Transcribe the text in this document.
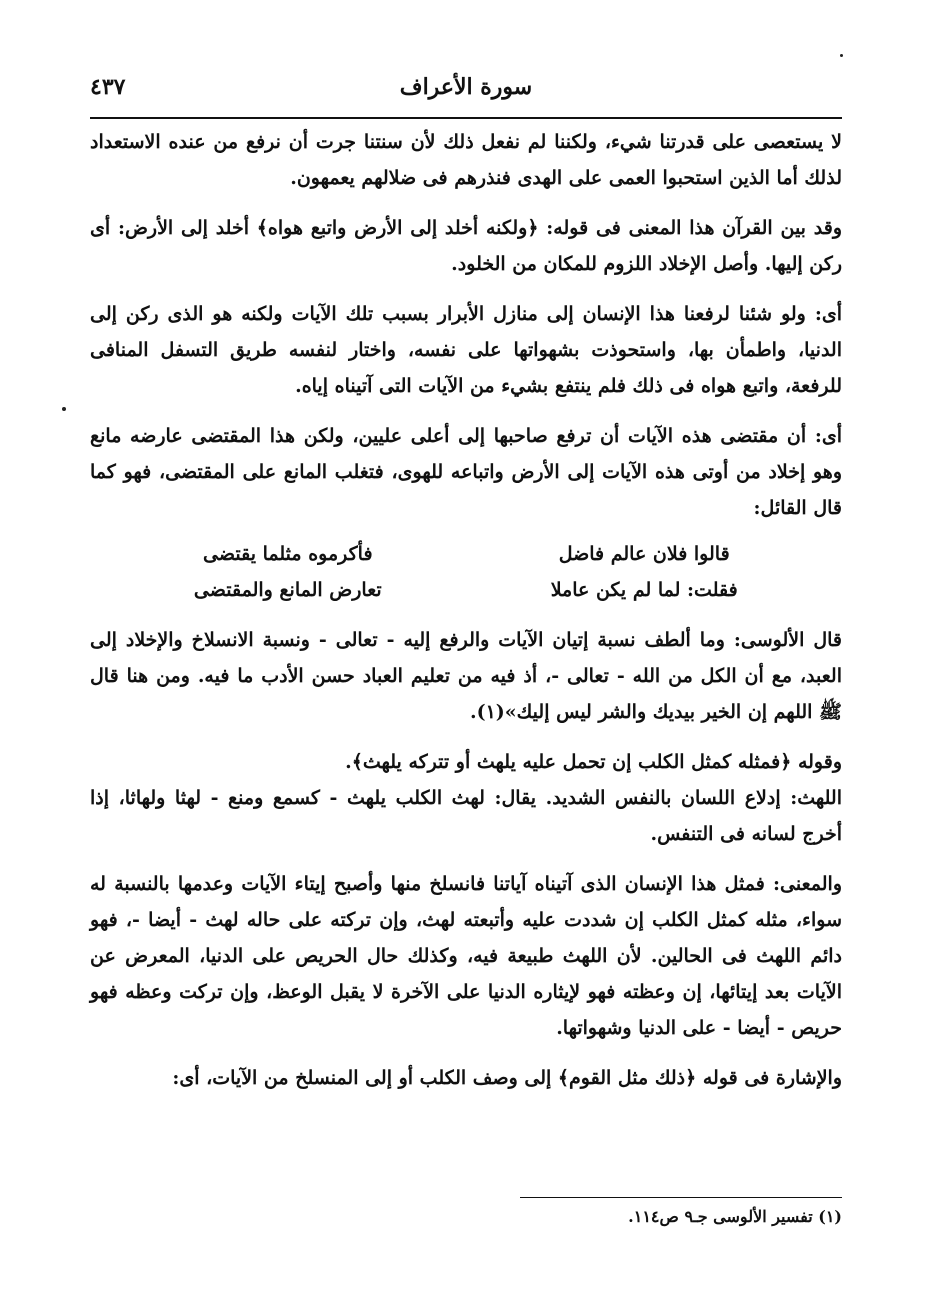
٤٣٧	سورة الأعراف

لا يستعصى على قدرتنا شيء، ولكننا لم نفعل ذلك لأن سنتنا جرت أن نرفع من عنده الاستعداد لذلك أما الذين استحبوا العمى على الهدى فنذرهم فى ضلالهم يعمهون.

وقد بين القرآن هذا المعنى فى قوله: ﴿ولكنه أخلد إلى الأرض واتبع هواه﴾ أخلد إلى الأرض: أى ركن إليها. وأصل الإخلاد اللزوم للمكان من الخلود.

أى: ولو شئنا لرفعنا هذا الإنسان إلى منازل الأبرار بسبب تلك الآيات ولكنه هو الذى ركن إلى الدنيا، واطمأن بها، واستحوذت بشهواتها على نفسه، واختار لنفسه طريق التسفل المنافى للرفعة، واتبع هواه فى ذلك فلم ينتفع بشيء من الآيات التى آتيناه إياه.

أى: أن مقتضى هذه الآيات أن ترفع صاحبها إلى أعلى عليين، ولكن هذا المقتضى عارضه مانع وهو إخلاد من أوتى هذه الآيات إلى الأرض واتباعه للهوى، فتغلب المانع على المقتضى، فهو كما قال القائل:

قالوا فلان عالم فاضل
فأكرموه مثلما يقتضى
فقلت: لما لم يكن عاملا
تعارض المانع والمقتضى

قال الألوسى: وما ألطف نسبة إتيان الآيات والرفع إليه - تعالى - ونسبة الانسلاخ والإخلاد إلى العبد، مع أن الكل من الله - تعالى -، أذ فيه من تعليم العباد حسن الأدب ما فيه. ومن هنا قال ﷺ اللهم إن الخير بيديك والشر ليس إليك»(١).

وقوله ﴿فمثله كمثل الكلب إن تحمل عليه يلهث أو تتركه يلهث﴾.

اللهث: إدلاع اللسان بالنفس الشديد. يقال: لهث الكلب يلهث - كسمع ومنع - لهثا ولهاثا، إذا أخرج لسانه فى التنفس.

والمعنى: فمثل هذا الإنسان الذى آتيناه آياتنا فانسلخ منها وأصبح إيتاء الآيات وعدمها بالنسبة له سواء، مثله كمثل الكلب إن شددت عليه وأتبعته لهث، وإن تركته على حاله لهث - أيضا -، فهو دائم اللهث فى الحالين. لأن اللهث طبيعة فيه، وكذلك حال الحريص على الدنيا، المعرض عن الآيات بعد إيتائها، إن وعظته فهو لإيثاره الدنيا على الآخرة لا يقبل الوعظ، وإن تركت وعظه فهو حريص - أيضا - على الدنيا وشهواتها.

والإشارة فى قوله ﴿ذلك مثل القوم﴾ إلى وصف الكلب أو إلى المنسلخ من الآيات، أى:

(١) تفسير الألوسى جـ٩ ص١١٤.
